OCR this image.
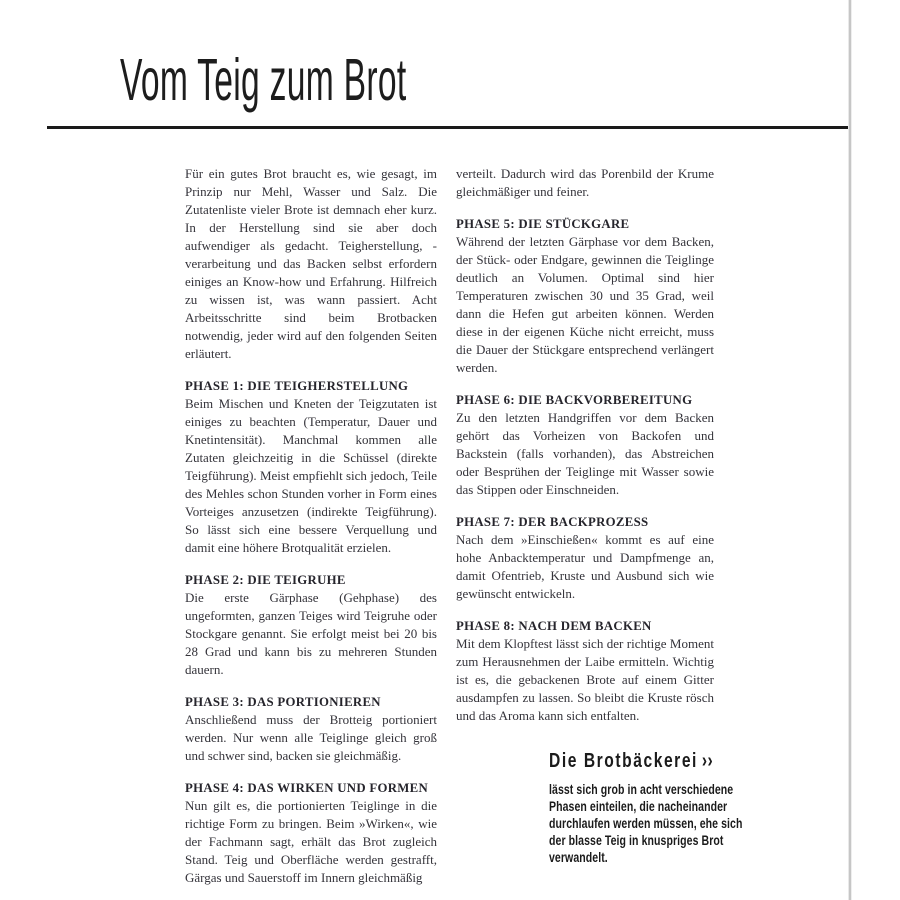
Vom Teig zum Brot

Für ein gutes Brot braucht es, wie gesagt, im Prinzip nur Mehl, Wasser und Salz. Die Zutatenliste vieler Brote ist demnach eher kurz. In der Herstellung sind sie aber doch aufwendiger als gedacht. Teigherstellung, -verarbeitung und das Backen selbst erfordern einiges an Know-how und Erfahrung. Hilfreich zu wissen ist, was wann passiert. Acht Arbeitsschritte sind beim Brotbacken notwendig, jeder wird auf den folgenden Seiten erläutert.

PHASE 1: DIE TEIGHERSTELLUNG

Beim Mischen und Kneten der Teigzutaten ist einiges zu beachten (Temperatur, Dauer und Knetintensität). Manchmal kommen alle Zutaten gleichzeitig in die Schüssel (direkte Teigführung). Meist empfiehlt sich jedoch, Teile des Mehles schon Stunden vorher in Form eines Vorteiges anzusetzen (indirekte Teigführung). So lässt sich eine bessere Verquellung und damit eine höhere Brotqualität erzielen.

PHASE 2: DIE TEIGRUHE

Die erste Gärphase (Gehphase) des ungeformten, ganzen Teiges wird Teigruhe oder Stockgare genannt. Sie erfolgt meist bei 20 bis 28 Grad und kann bis zu mehreren Stunden dauern.

PHASE 3: DAS PORTIONIEREN

Anschließend muss der Brotteig portioniert werden. Nur wenn alle Teiglinge gleich groß und schwer sind, backen sie gleichmäßig.

PHASE 4: DAS WIRKEN UND FORMEN

Nun gilt es, die portionierten Teiglinge in die richtige Form zu bringen. Beim »Wirken«, wie der Fachmann sagt, erhält das Brot zugleich Stand. Teig und Oberfläche werden gestrafft, Gärgas und Sauerstoff im Innern gleichmäßig

verteilt. Dadurch wird das Porenbild der Krume gleichmäßiger und feiner.

PHASE 5: DIE STÜCKGARE

Während der letzten Gärphase vor dem Backen, der Stück- oder Endgare, gewinnen die Teiglinge deutlich an Volumen. Optimal sind hier Temperaturen zwischen 30 und 35 Grad, weil dann die Hefen gut arbeiten können. Werden diese in der eigenen Küche nicht erreicht, muss die Dauer der Stückgare entsprechend verlängert werden.

PHASE 6: DIE BACKVORBEREITUNG

Zu den letzten Handgriffen vor dem Backen gehört das Vorheizen von Backofen und Backstein (falls vorhanden), das Abstreichen oder Besprühen der Teiglinge mit Wasser sowie das Stippen oder Einschneiden.

PHASE 7: DER BACKPROZESS

Nach dem »Einschießen« kommt es auf eine hohe Anbacktemperatur und Dampfmenge an, damit Ofentrieb, Kruste und Ausbund sich wie gewünscht entwickeln.

PHASE 8: NACH DEM BACKEN

Mit dem Klopftest lässt sich der richtige Moment zum Herausnehmen der Laibe ermitteln. Wichtig ist es, die gebackenen Brote auf einem Gitter ausdampfen zu lassen. So bleibt die Kruste rösch und das Aroma kann sich entfalten.

Die Brotbäckerei ››

lässt sich grob in acht verschiedene Phasen einteilen, die nacheinander durchlaufen werden müssen, ehe sich der blasse Teig in knuspriges Brot verwandelt.
